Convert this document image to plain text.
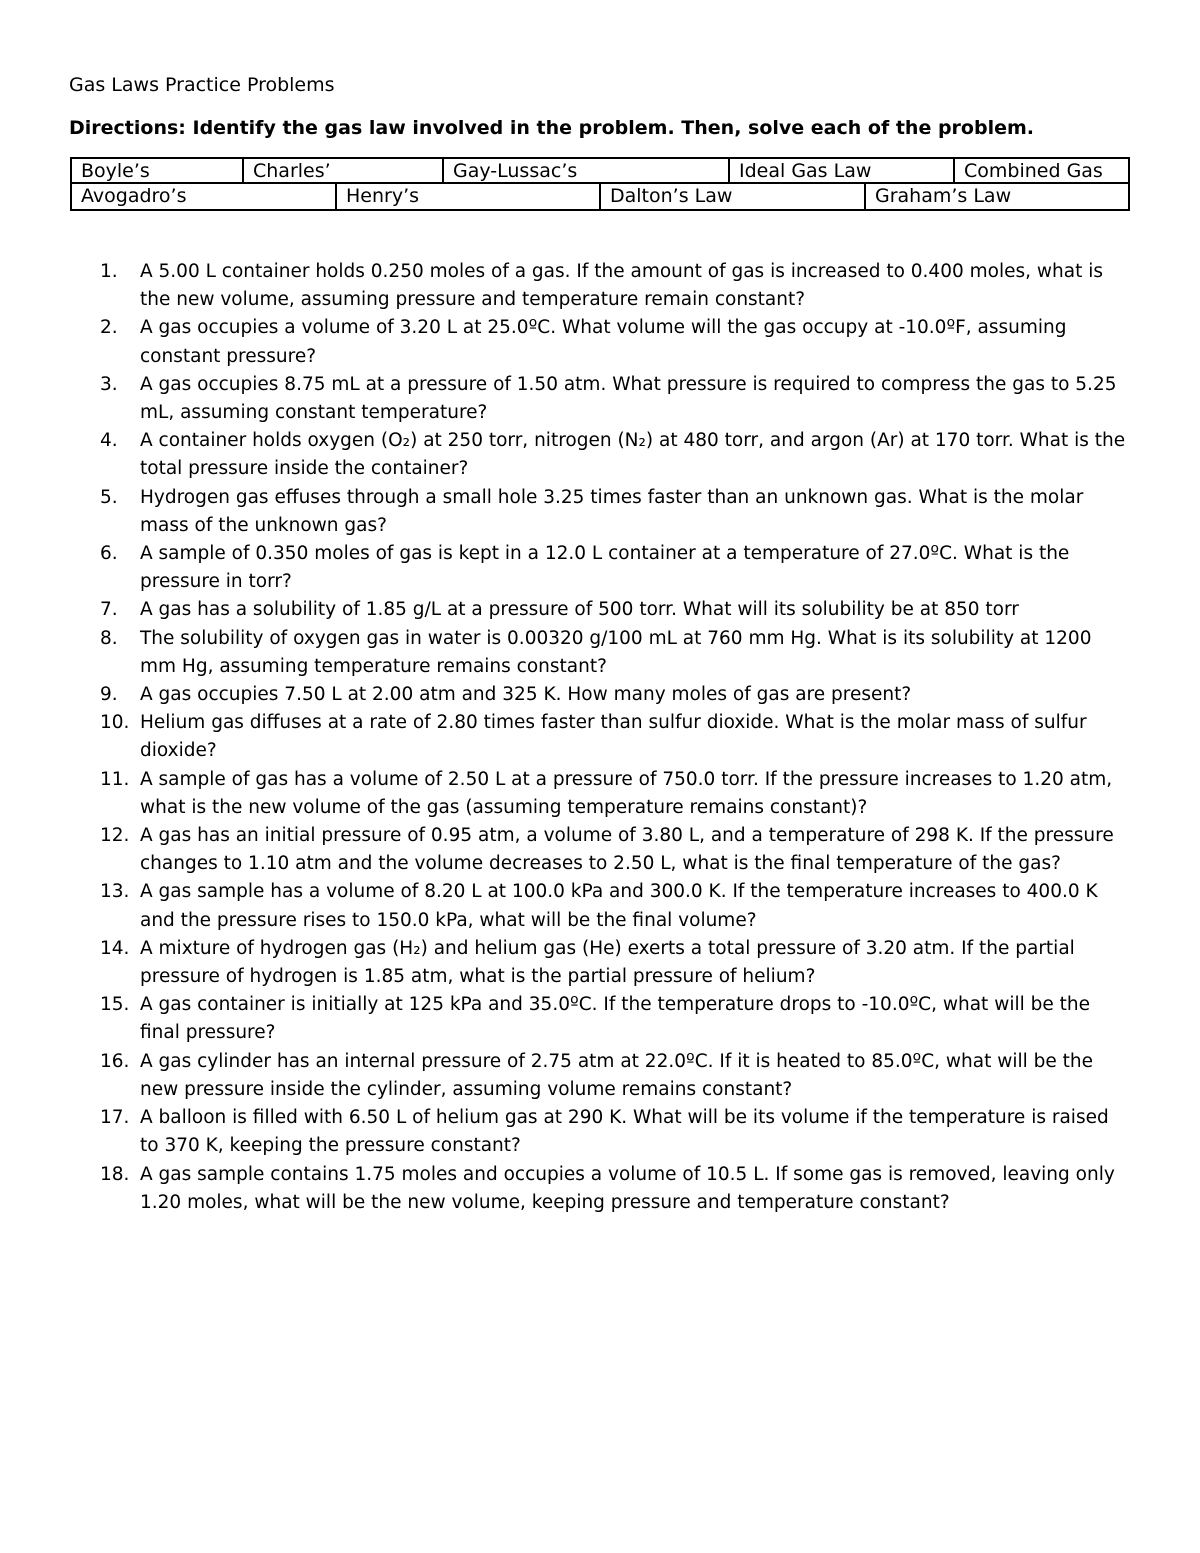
Gas Laws Practice Problems
Directions: Identify the gas law involved in the problem. Then, solve each of the problem.
Boyle’s	Charles’	Gay-Lussac’s	Ideal Gas Law	Combined Gas
Avogadro’s	Henry’s	Dalton’s Law	Graham’s Law
1.	A 5.00 L container holds 0.250 moles of a gas. If the amount of gas is increased to 0.400 moles, what is the new volume, assuming pressure and temperature remain constant?
2.	A gas occupies a volume of 3.20 L at 25.0ºC. What volume will the gas occupy at -10.0ºF, assuming constant pressure?
3.	A gas occupies 8.75 mL at a pressure of 1.50 atm. What pressure is required to compress the gas to 5.25 mL, assuming constant temperature?
4.	A container holds oxygen (O₂) at 250 torr, nitrogen (N₂) at 480 torr, and argon (Ar) at 170 torr. What is the total pressure inside the container?
5.	Hydrogen gas effuses through a small hole 3.25 times faster than an unknown gas. What is the molar mass of the unknown gas?
6.	A sample of 0.350 moles of gas is kept in a 12.0 L container at a temperature of 27.0ºC. What is the pressure in torr?
7.	A gas has a solubility of 1.85 g/L at a pressure of 500 torr. What will its solubility be at 850 torr
8.	The solubility of oxygen gas in water is 0.00320 g/100 mL at 760 mm Hg. What is its solubility at 1200 mm Hg, assuming temperature remains constant?
9.	A gas occupies 7.50 L at 2.00 atm and 325 K. How many moles of gas are present?
10. Helium gas diffuses at a rate of 2.80 times faster than sulfur dioxide. What is the molar mass of sulfur dioxide?
11. A sample of gas has a volume of 2.50 L at a pressure of 750.0 torr. If the pressure increases to 1.20 atm, what is the new volume of the gas (assuming temperature remains constant)?
12. A gas has an initial pressure of 0.95 atm, a volume of 3.80 L, and a temperature of 298 K. If the pressure changes to 1.10 atm and the volume decreases to 2.50 L, what is the final temperature of the gas?
13. A gas sample has a volume of 8.20 L at 100.0 kPa and 300.0 K. If the temperature increases to 400.0 K and the pressure rises to 150.0 kPa, what will be the final volume?
14. A mixture of hydrogen gas (H₂) and helium gas (He) exerts a total pressure of 3.20 atm. If the partial pressure of hydrogen is 1.85 atm, what is the partial pressure of helium?
15. A gas container is initially at 125 kPa and 35.0ºC. If the temperature drops to -10.0ºC, what will be the final pressure?
16. A gas cylinder has an internal pressure of 2.75 atm at 22.0ºC. If it is heated to 85.0ºC, what will be the new pressure inside the cylinder, assuming volume remains constant?
17. A balloon is filled with 6.50 L of helium gas at 290 K. What will be its volume if the temperature is raised to 370 K, keeping the pressure constant?
18. A gas sample contains 1.75 moles and occupies a volume of 10.5 L. If some gas is removed, leaving only 1.20 moles, what will be the new volume, keeping pressure and temperature constant?
